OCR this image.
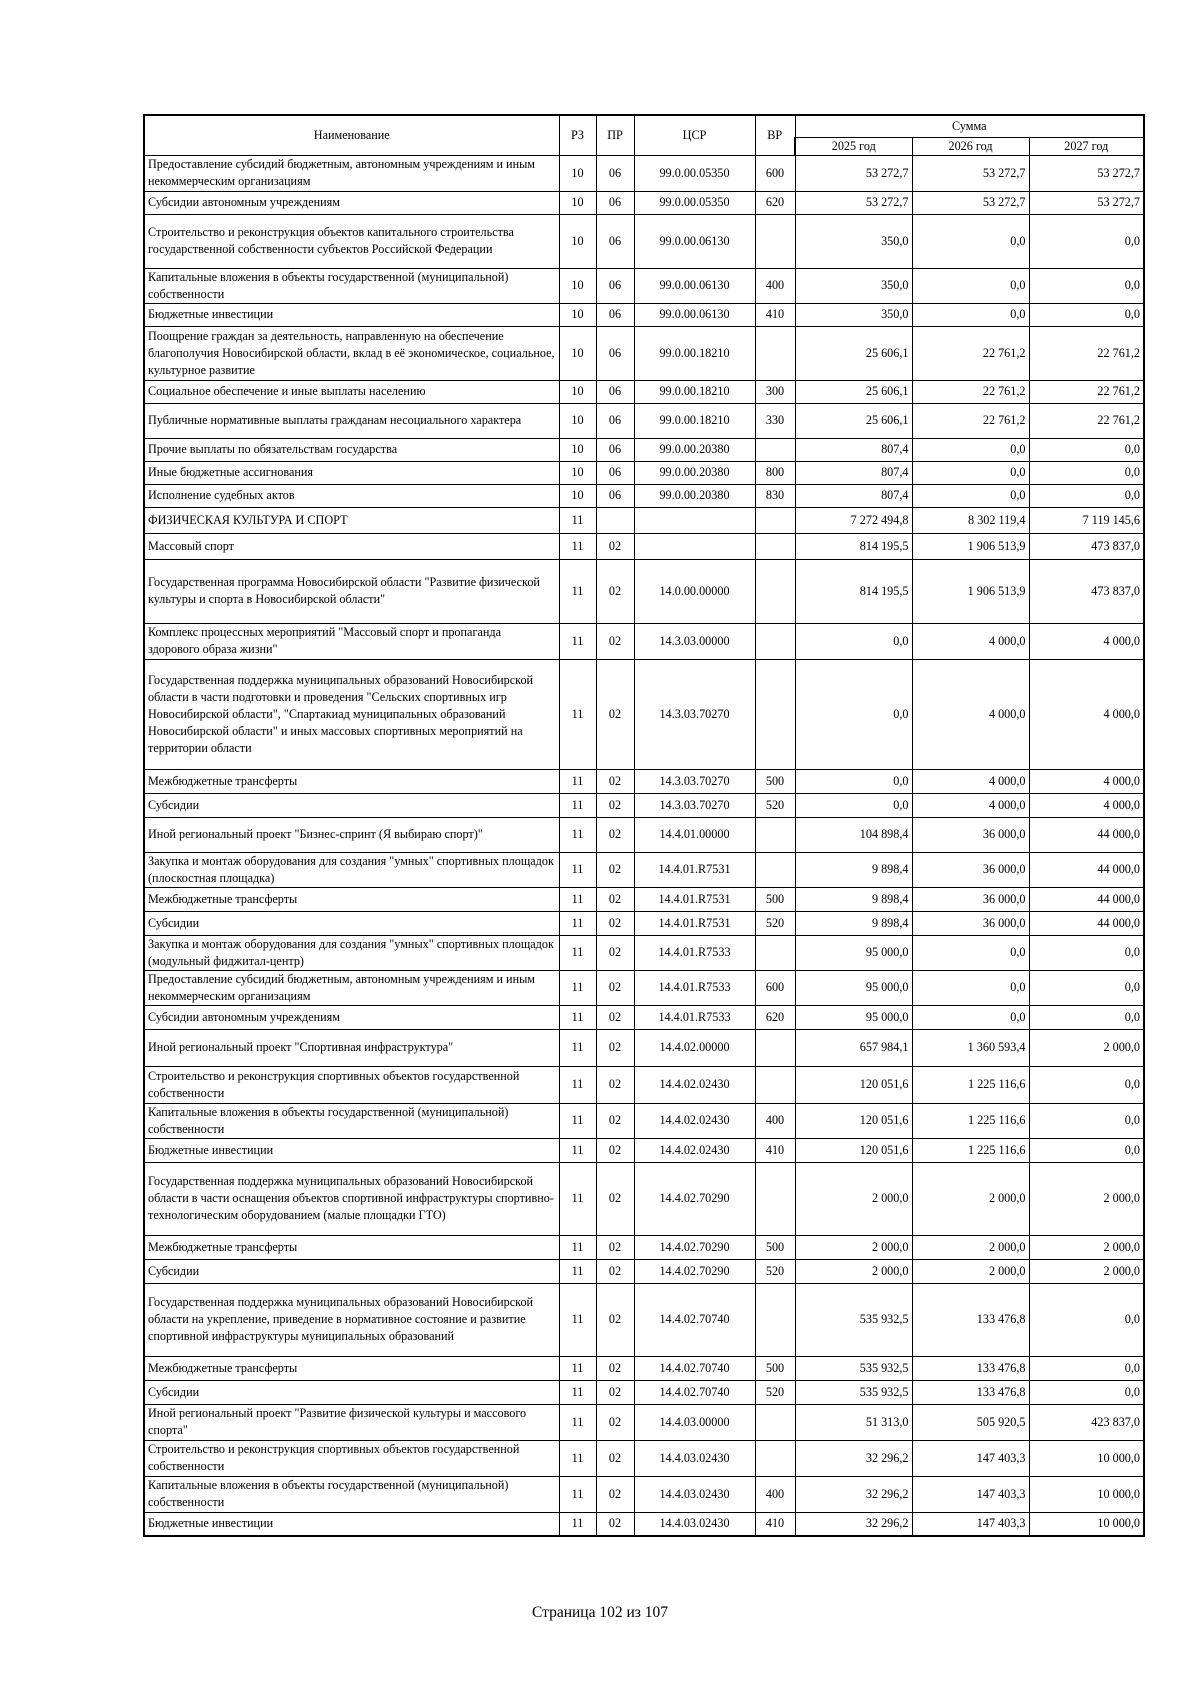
Наименование	РЗ	ПР	ЦСР	ВР	Сумма		
					2025 год	2026 год	2027 год
Предоставление субсидий бюджетным, автономным учреждениям и иным некоммерческим организациям	10	06	99.0.00.05350	600	53 272,7	53 272,7	53 272,7
Субсидии автономным учреждениям	10	06	99.0.00.05350	620	53 272,7	53 272,7	53 272,7
Строительство и реконструкция объектов капитального строительства государственной собственности субъектов Российской Федерации	10	06	99.0.00.06130		350,0	0,0	0,0
Капитальные вложения в объекты государственной (муниципальной) собственности	10	06	99.0.00.06130	400	350,0	0,0	0,0
Бюджетные инвестиции	10	06	99.0.00.06130	410	350,0	0,0	0,0
Поощрение граждан за деятельность, направленную на обеспечение благополучия Новосибирской области, вклад в её экономическое, социальное, культурное развитие	10	06	99.0.00.18210		25 606,1	22 761,2	22 761,2
Социальное обеспечение и иные выплаты населению	10	06	99.0.00.18210	300	25 606,1	22 761,2	22 761,2
Публичные нормативные выплаты гражданам несоциального характера	10	06	99.0.00.18210	330	25 606,1	22 761,2	22 761,2
Прочие выплаты по обязательствам государства	10	06	99.0.00.20380		807,4	0,0	0,0
Иные бюджетные ассигнования	10	06	99.0.00.20380	800	807,4	0,0	0,0
Исполнение судебных актов	10	06	99.0.00.20380	830	807,4	0,0	0,0
ФИЗИЧЕСКАЯ КУЛЬТУРА И СПОРТ	11				7 272 494,8	8 302 119,4	7 119 145,6
Массовый спорт	11	02			814 195,5	1 906 513,9	473 837,0
Государственная программа Новосибирской области "Развитие физической культуры и спорта в Новосибирской области"	11	02	14.0.00.00000		814 195,5	1 906 513,9	473 837,0
Комплекс процессных мероприятий "Массовый спорт и пропаганда здорового образа жизни"	11	02	14.3.03.00000		0,0	4 000,0	4 000,0
Государственная поддержка муниципальных образований Новосибирской области в части подготовки и проведения "Сельских спортивных игр Новосибирской области", "Спартакиад муниципальных образований Новосибирской области" и иных массовых спортивных мероприятий на территории области	11	02	14.3.03.70270		0,0	4 000,0	4 000,0
Межбюджетные трансферты	11	02	14.3.03.70270	500	0,0	4 000,0	4 000,0
Субсидии	11	02	14.3.03.70270	520	0,0	4 000,0	4 000,0
Иной региональный проект "Бизнес-спринт (Я выбираю спорт)"	11	02	14.4.01.00000		104 898,4	36 000,0	44 000,0
Закупка и монтаж оборудования для создания "умных" спортивных площадок (плоскостная площадка)	11	02	14.4.01.R7531		9 898,4	36 000,0	44 000,0
Межбюджетные трансферты	11	02	14.4.01.R7531	500	9 898,4	36 000,0	44 000,0
Субсидии	11	02	14.4.01.R7531	520	9 898,4	36 000,0	44 000,0
Закупка и монтаж оборудования для создания "умных" спортивных площадок (модульный фиджитал-центр)	11	02	14.4.01.R7533		95 000,0	0,0	0,0
Предоставление субсидий бюджетным, автономным учреждениям и иным некоммерческим организациям	11	02	14.4.01.R7533	600	95 000,0	0,0	0,0
Субсидии автономным учреждениям	11	02	14.4.01.R7533	620	95 000,0	0,0	0,0
Иной региональный проект "Спортивная инфраструктура"	11	02	14.4.02.00000		657 984,1	1 360 593,4	2 000,0
Строительство и реконструкция спортивных объектов государственной собственности	11	02	14.4.02.02430		120 051,6	1 225 116,6	0,0
Капитальные вложения в объекты государственной (муниципальной) собственности	11	02	14.4.02.02430	400	120 051,6	1 225 116,6	0,0
Бюджетные инвестиции	11	02	14.4.02.02430	410	120 051,6	1 225 116,6	0,0
Государственная поддержка муниципальных образований Новосибирской области в части оснащения объектов спортивной инфраструктуры спортивно-технологическим оборудованием (малые площадки ГТО)	11	02	14.4.02.70290		2 000,0	2 000,0	2 000,0
Межбюджетные трансферты	11	02	14.4.02.70290	500	2 000,0	2 000,0	2 000,0
Субсидии	11	02	14.4.02.70290	520	2 000,0	2 000,0	2 000,0
Государственная поддержка муниципальных образований Новосибирской области на укрепление, приведение в нормативное состояние и развитие спортивной инфраструктуры муниципальных образований	11	02	14.4.02.70740		535 932,5	133 476,8	0,0
Межбюджетные трансферты	11	02	14.4.02.70740	500	535 932,5	133 476,8	0,0
Субсидии	11	02	14.4.02.70740	520	535 932,5	133 476,8	0,0
Иной региональный проект "Развитие физической культуры и массового спорта"	11	02	14.4.03.00000		51 313,0	505 920,5	423 837,0
Строительство и реконструкция спортивных объектов государственной собственности	11	02	14.4.03.02430		32 296,2	147 403,3	10 000,0
Капитальные вложения в объекты государственной (муниципальной) собственности	11	02	14.4.03.02430	400	32 296,2	147 403,3	10 000,0
Бюджетные инвестиции	11	02	14.4.03.02430	410	32 296,2	147 403,3	10 000,0
Страница 102 из 107
